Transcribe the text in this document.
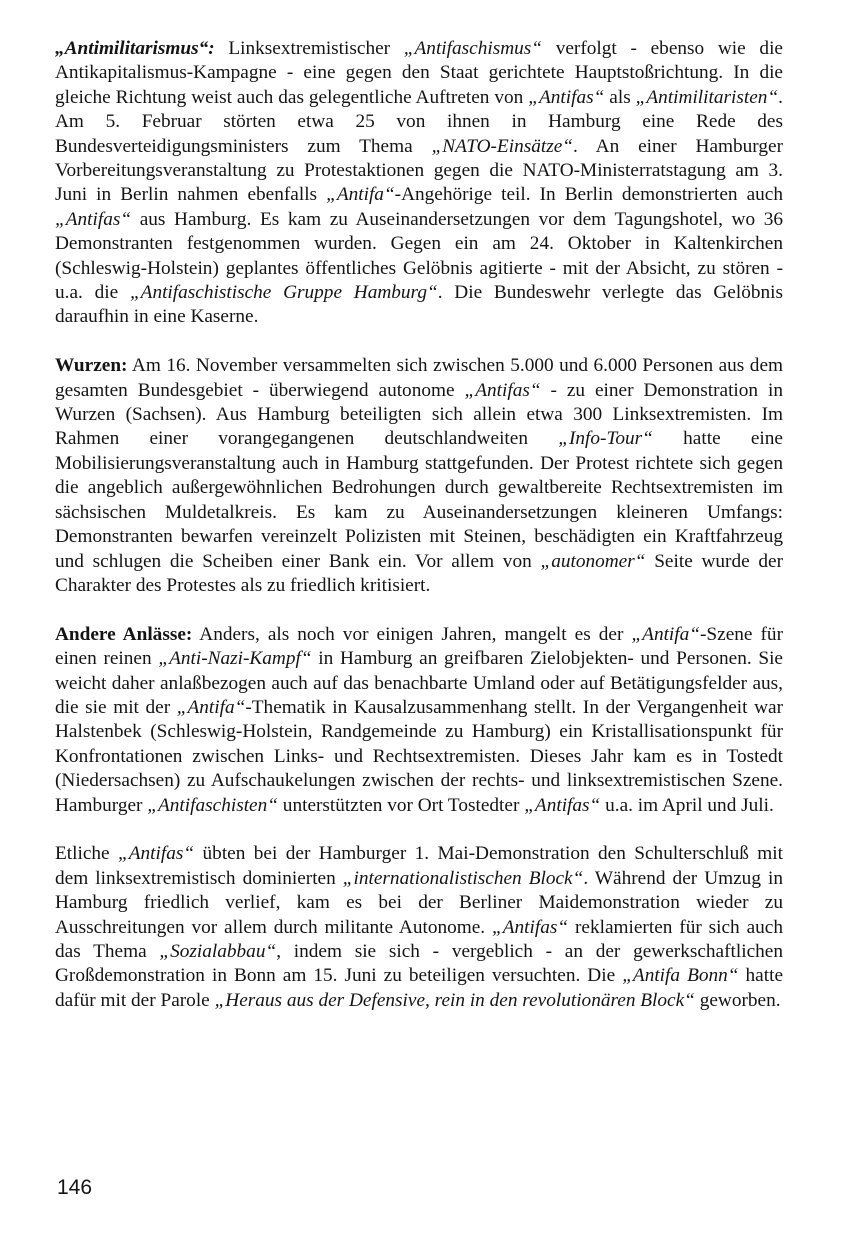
„Antimilitarismus“: Linksextremistischer „Antifaschismus“ verfolgt - ebenso wie die Antikapitalismus-Kampagne - eine gegen den Staat gerichtete Hauptstoßrichtung. In die gleiche Richtung weist auch das gelegentliche Auftreten von „Antifas“ als „Antimilitaristen“. Am 5. Februar störten etwa 25 von ihnen in Hamburg eine Rede des Bundesverteidigungsministers zum Thema „NATO-Einsätze“. An einer Hamburger Vorbereitungsveranstaltung zu Protestaktionen gegen die NATO-Ministerratstagung am 3. Juni in Berlin nahmen ebenfalls „Antifa“-Angehörige teil. In Berlin demonstrierten auch „Antifas“ aus Hamburg. Es kam zu Auseinandersetzungen vor dem Tagungshotel, wo 36 Demonstranten festgenommen wurden. Gegen ein am 24. Oktober in Kaltenkirchen (Schleswig-Holstein) geplantes öffentliches Gelöbnis agitierte - mit der Absicht, zu stören - u.a. die „Antifaschistische Gruppe Hamburg“. Die Bundeswehr verlegte das Gelöbnis daraufhin in eine Kaserne.

Wurzen: Am 16. November versammelten sich zwischen 5.000 und 6.000 Personen aus dem gesamten Bundesgebiet - überwiegend autonome „Antifas“ - zu einer Demonstration in Wurzen (Sachsen). Aus Hamburg beteiligten sich allein etwa 300 Linksextremisten. Im Rahmen einer vorangegangenen deutschlandweiten „Info-Tour“ hatte eine Mobilisierungsveranstaltung auch in Hamburg stattgefunden. Der Protest richtete sich gegen die angeblich außergewöhnlichen Bedrohungen durch gewaltbereite Rechtsextremisten im sächsischen Muldetalkreis. Es kam zu Auseinandersetzungen kleineren Umfangs: Demonstranten bewarfen vereinzelt Polizisten mit Steinen, beschädigten ein Kraftfahrzeug und schlugen die Scheiben einer Bank ein. Vor allem von „autonomer“ Seite wurde der Charakter des Protestes als zu friedlich kritisiert.

Andere Anlässe: Anders, als noch vor einigen Jahren, mangelt es der „Antifa“-Szene für einen reinen „Anti-Nazi-Kampf“ in Hamburg an greifbaren Zielobjekten- und Personen. Sie weicht daher anlaßbezogen auch auf das benachbarte Umland oder auf Betätigungsfelder aus, die sie mit der „Antifa“-Thematik in Kausalzusammenhang stellt. In der Vergangenheit war Halstenbek (Schleswig-Holstein, Randgemeinde zu Hamburg) ein Kristallisationspunkt für Konfrontationen zwischen Links- und Rechtsextremisten. Dieses Jahr kam es in Tostedt (Niedersachsen) zu Aufschaukelungen zwischen der rechts- und linksextremistischen Szene. Hamburger „Antifaschisten“ unterstützten vor Ort Tostedter „Antifas“ u.a. im April und Juli.

Etliche „Antifas“ übten bei der Hamburger 1. Mai-Demonstration den Schulterschluß mit dem linksextremistisch dominierten „internationalistischen Block“. Während der Umzug in Hamburg friedlich verlief, kam es bei der Berliner Maidemonstration wieder zu Ausschreitungen vor allem durch militante Autonome. „Antifas“ reklamierten für sich auch das Thema „Sozialabbau“, indem sie sich - vergeblich - an der gewerkschaftlichen Großdemonstration in Bonn am 15. Juni zu beteiligen versuchten. Die „Antifa Bonn“ hatte dafür mit der Parole „Heraus aus der Defensive, rein in den revolutionären Block“ geworben.

146
